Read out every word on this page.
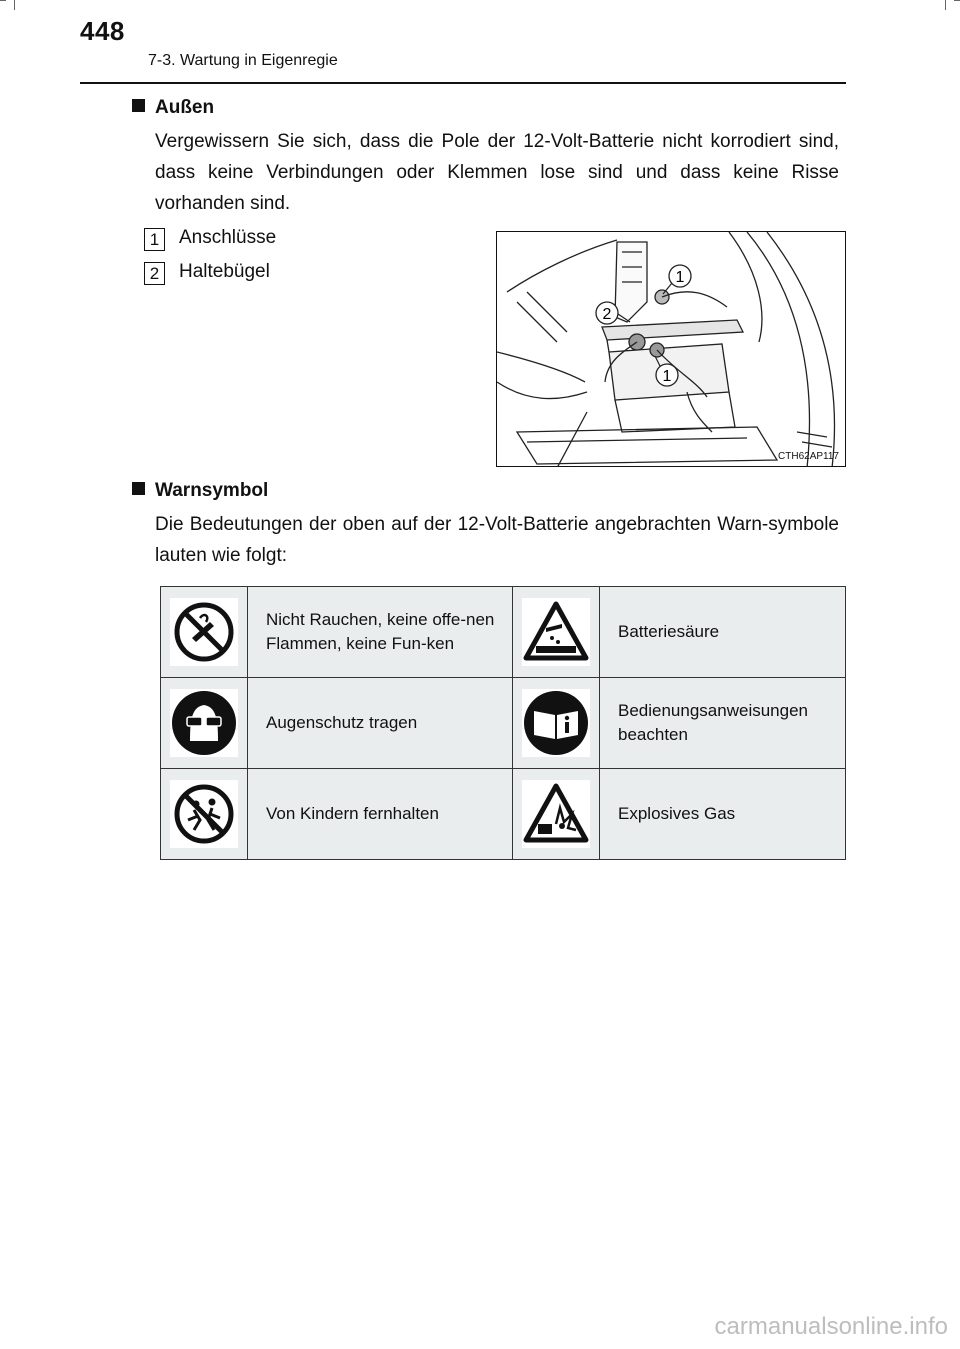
448
7-3. Wartung in Eigenregie
Außen
Vergewissern Sie sich, dass die Pole der 12-Volt-Batterie nicht korrodiert sind, dass keine Verbindungen oder Klemmen lose sind und dass keine Risse vorhanden sind.
1 Anschlüsse
2 Haltebügel	1
2
1
CTH62AP117
Warnsymbol
Die Bedeutungen der oben auf der 12-Volt-Batterie angebrachten Warn-symbole lauten wie folgt:
	Nicht Rauchen, keine offe-nen Flammen, keine Fun-ken		Batteriesäure

	Augenschutz tragen		Bedienungsanweisungen beachten

	Von Kindern fernhalten		Explosives Gas
carmanualsonline.info
